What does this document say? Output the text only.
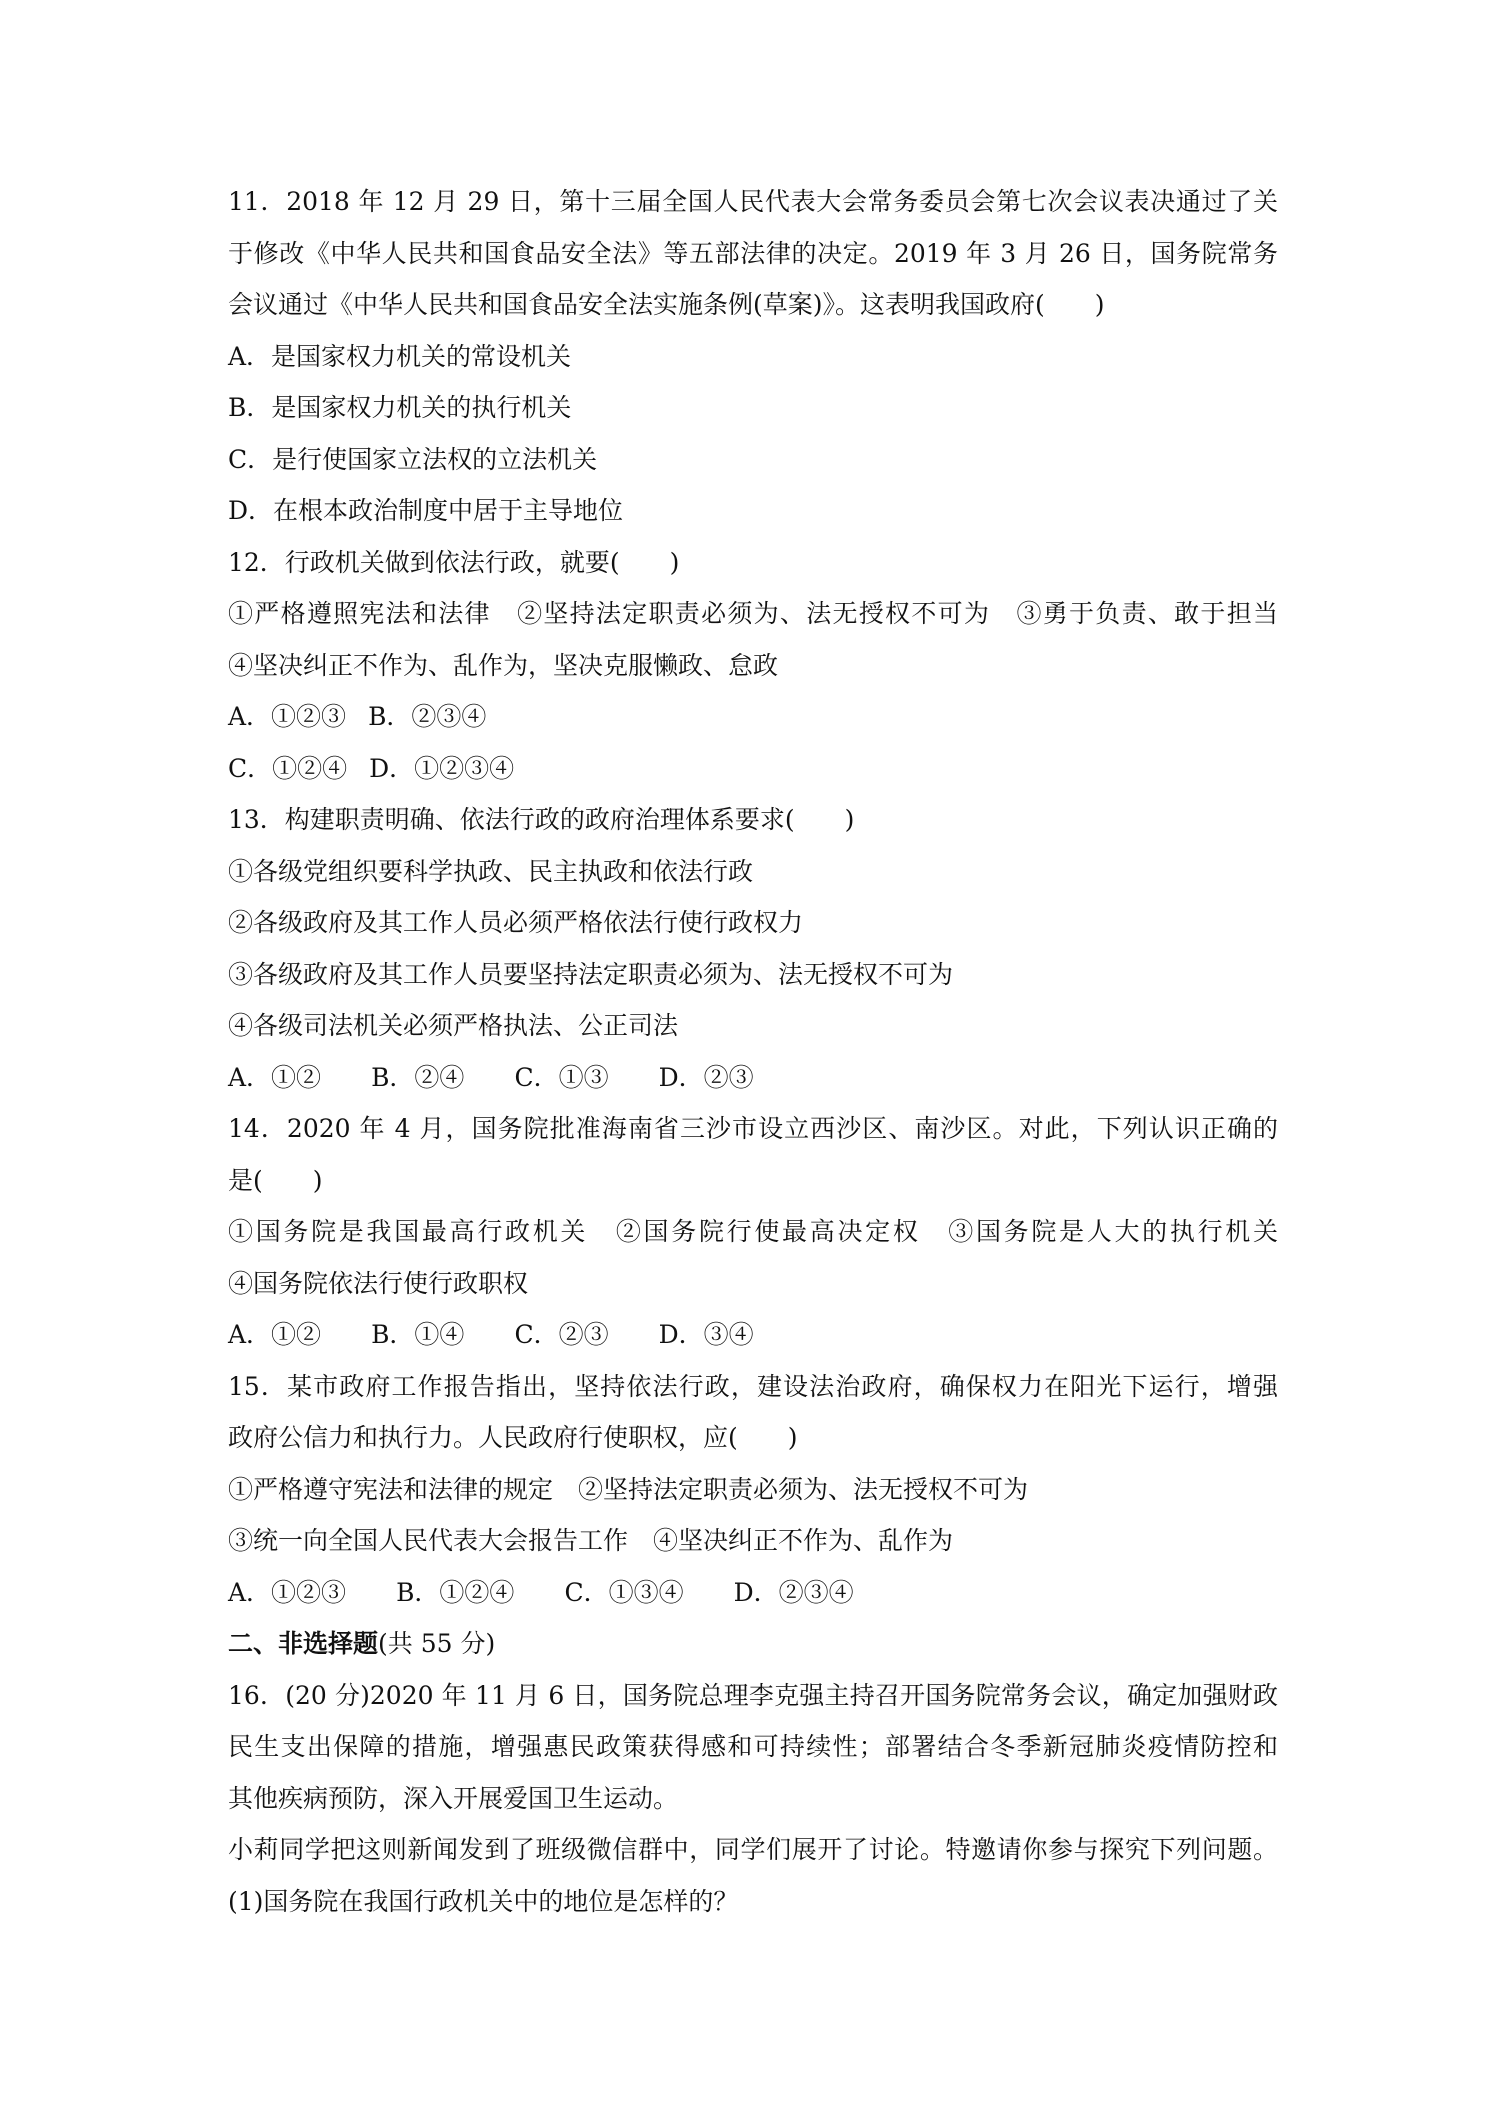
11．2018 年 12 月 29 日，第十三届全国人民代表大会常务委员会第七次会议表决通过了关
于修改《中华人民共和国食品安全法》等五部法律的决定。2019 年 3 月 26 日，国务院常务
会议通过《中华人民共和国食品安全法实施条例(草案)》。这表明我国政府(　　)
A．是国家权力机关的常设机关
B．是国家权力机关的执行机关
C．是行使国家立法权的立法机关
D．在根本政治制度中居于主导地位
12．行政机关做到依法行政，就要(　　)
①严格遵照宪法和法律　②坚持法定职责必须为、法无授权不可为　③勇于负责、敢于担当
④坚决纠正不作为、乱作为，坚决克服懒政、怠政
A．①②③ B．②③④
C．①②④ D．①②③④
13．构建职责明确、依法行政的政府治理体系要求(　　)
①各级党组织要科学执政、民主执政和依法行政
②各级政府及其工作人员必须严格依法行使行政权力
③各级政府及其工作人员要坚持法定职责必须为、法无授权不可为
④各级司法机关必须严格执法、公正司法
A．①② B．②④ C．①③ D．②③
14．2020 年 4 月，国务院批准海南省三沙市设立西沙区、南沙区。对此，下列认识正确的
是(　　)
①国务院是我国最高行政机关　②国务院行使最高决定权　③国务院是人大的执行机关
④国务院依法行使行政职权
A．①② B．①④ C．②③ D．③④
15．某市政府工作报告指出，坚持依法行政，建设法治政府，确保权力在阳光下运行，增强
政府公信力和执行力。人民政府行使职权，应(　　)
①严格遵守宪法和法律的规定　②坚持法定职责必须为、法无授权不可为
③统一向全国人民代表大会报告工作　④坚决纠正不作为、乱作为
A．①②③ B．①②④ C．①③④ D．②③④
二、非选择题(共 55 分)
16．(20 分)2020 年 11 月 6 日，国务院总理李克强主持召开国务院常务会议，确定加强财政
民生支出保障的措施，增强惠民政策获得感和可持续性；部署结合冬季新冠肺炎疫情防控和
其他疾病预防，深入开展爱国卫生运动。
小莉同学把这则新闻发到了班级微信群中，同学们展开了讨论。特邀请你参与探究下列问题。
(1)国务院在我国行政机关中的地位是怎样的？
